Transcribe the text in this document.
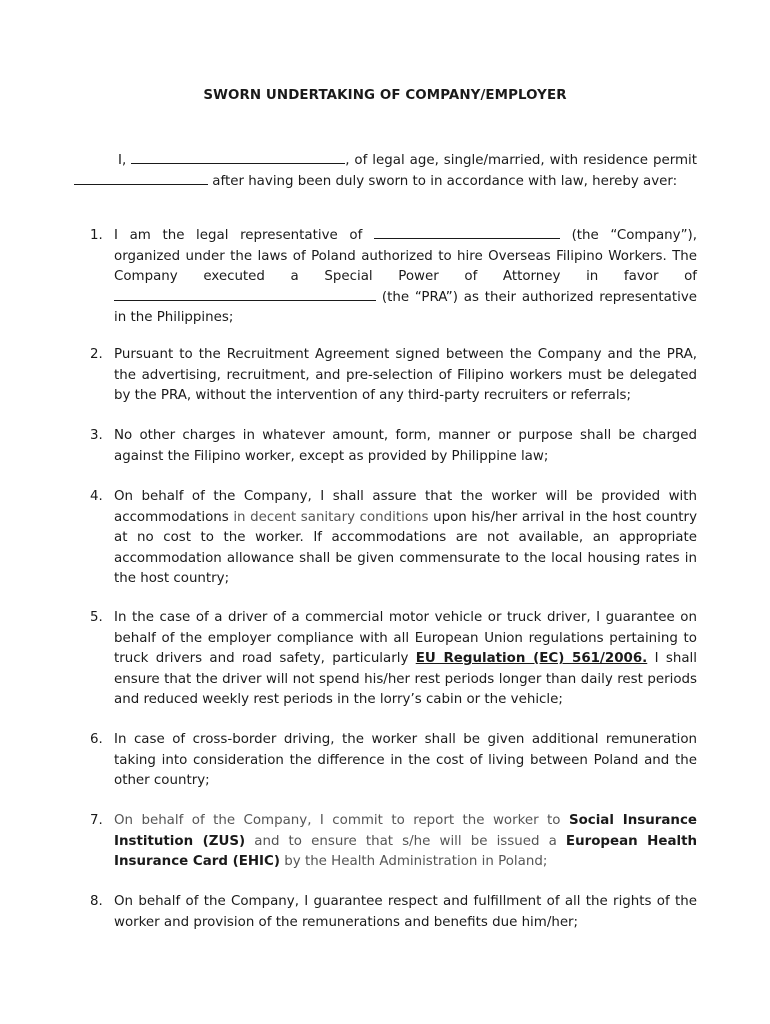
SWORN UNDERTAKING OF COMPANY/EMPLOYER
I,	, of legal age, single/married, with residence permit  after having been duly sworn to in accordance with law, hereby aver:
1. I am the legal representative of	(the “Company”), organized under the laws of Poland authorized to hire Overseas Filipino Workers. The Company executed a Special Power of Attorney in favor of  (the “PRA”) as their authorized representative in the Philippines;
2. Pursuant to the Recruitment Agreement signed between the Company and the PRA, the advertising, recruitment, and pre-selection of Filipino workers must be delegated by the PRA, without the intervention of any third-party recruiters or referrals;
3. No other charges in whatever amount, form, manner or purpose shall be charged against the Filipino worker, except as provided by Philippine law;
4. On behalf of the Company, I shall assure that the worker will be provided with accommodations in decent sanitary conditions upon his/her arrival in the host country at no cost to the worker. If accommodations are not available, an appropriate accommodation allowance shall be given commensurate to the local housing rates in the host country;
5. In the case of a driver of a commercial motor vehicle or truck driver, I guarantee on behalf of the employer compliance with all European Union regulations pertaining to truck drivers and road safety, particularly EU Regulation (EC) 561/2006. I shall ensure that the driver will not spend his/her rest periods longer than daily rest periods and reduced weekly rest periods in the lorry’s cabin or the vehicle;
6. In case of cross-border driving, the worker shall be given additional remuneration taking into consideration the difference in the cost of living between Poland and the other country;
7. On behalf of the Company, I commit to report the worker to Social Insurance Institution (ZUS) and to ensure that s/he will be issued a European Health Insurance Card (EHIC) by the Health Administration in Poland;
8. On behalf of the Company, I guarantee respect and fulfillment of all the rights of the worker and provision of the remunerations and benefits due him/her;
